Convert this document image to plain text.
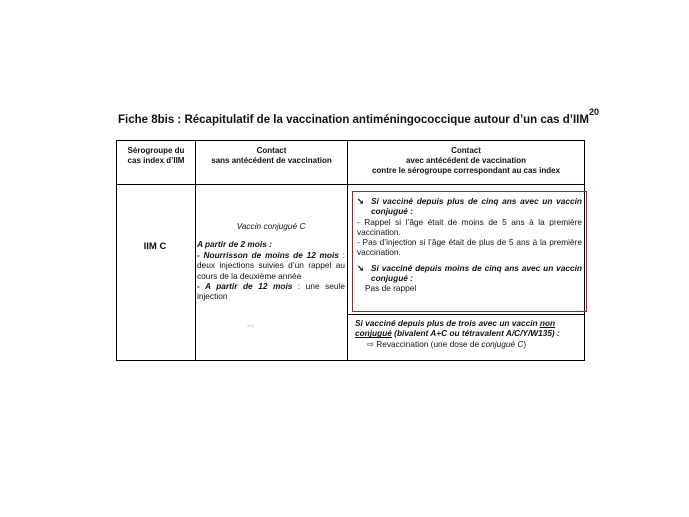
Fiche 8bis : Récapitulatif de la vaccination antiméningococcique autour d’un cas d’IIM$^{20}$
Sérogroupe du
cas index d’IIM
Contact
sans antécédent de vaccination
Contact
avec antécédent de vaccination
contre le sérogroupe correspondant au cas index
IIM C
Vaccin conjugué C
A partir de 2 mois :

- Nourrisson de moins de 12 mois : deux injections suivies d’un rappel au cours de la deuxième année

- A partir de 12 mois : une seule injection

=>
➘ Si vacciné depuis plus de cinq ans avec un vaccin conjugué :

- Rappel si l’âge était de moins de 5 ans à la première vaccination.

- Pas d’injection si l’âge était de plus de 5 ans à la première vaccination.

➘ Si vacciné depuis moins de cinq ans avec un vaccin conjugué :

Pas de rappel

Si vacciné depuis plus de trois avec un vaccin non conjugué (bivalent A+C ou tétravalent A/C/Y/W135) :

⇨ Revaccination (une dose de conjugué C)
